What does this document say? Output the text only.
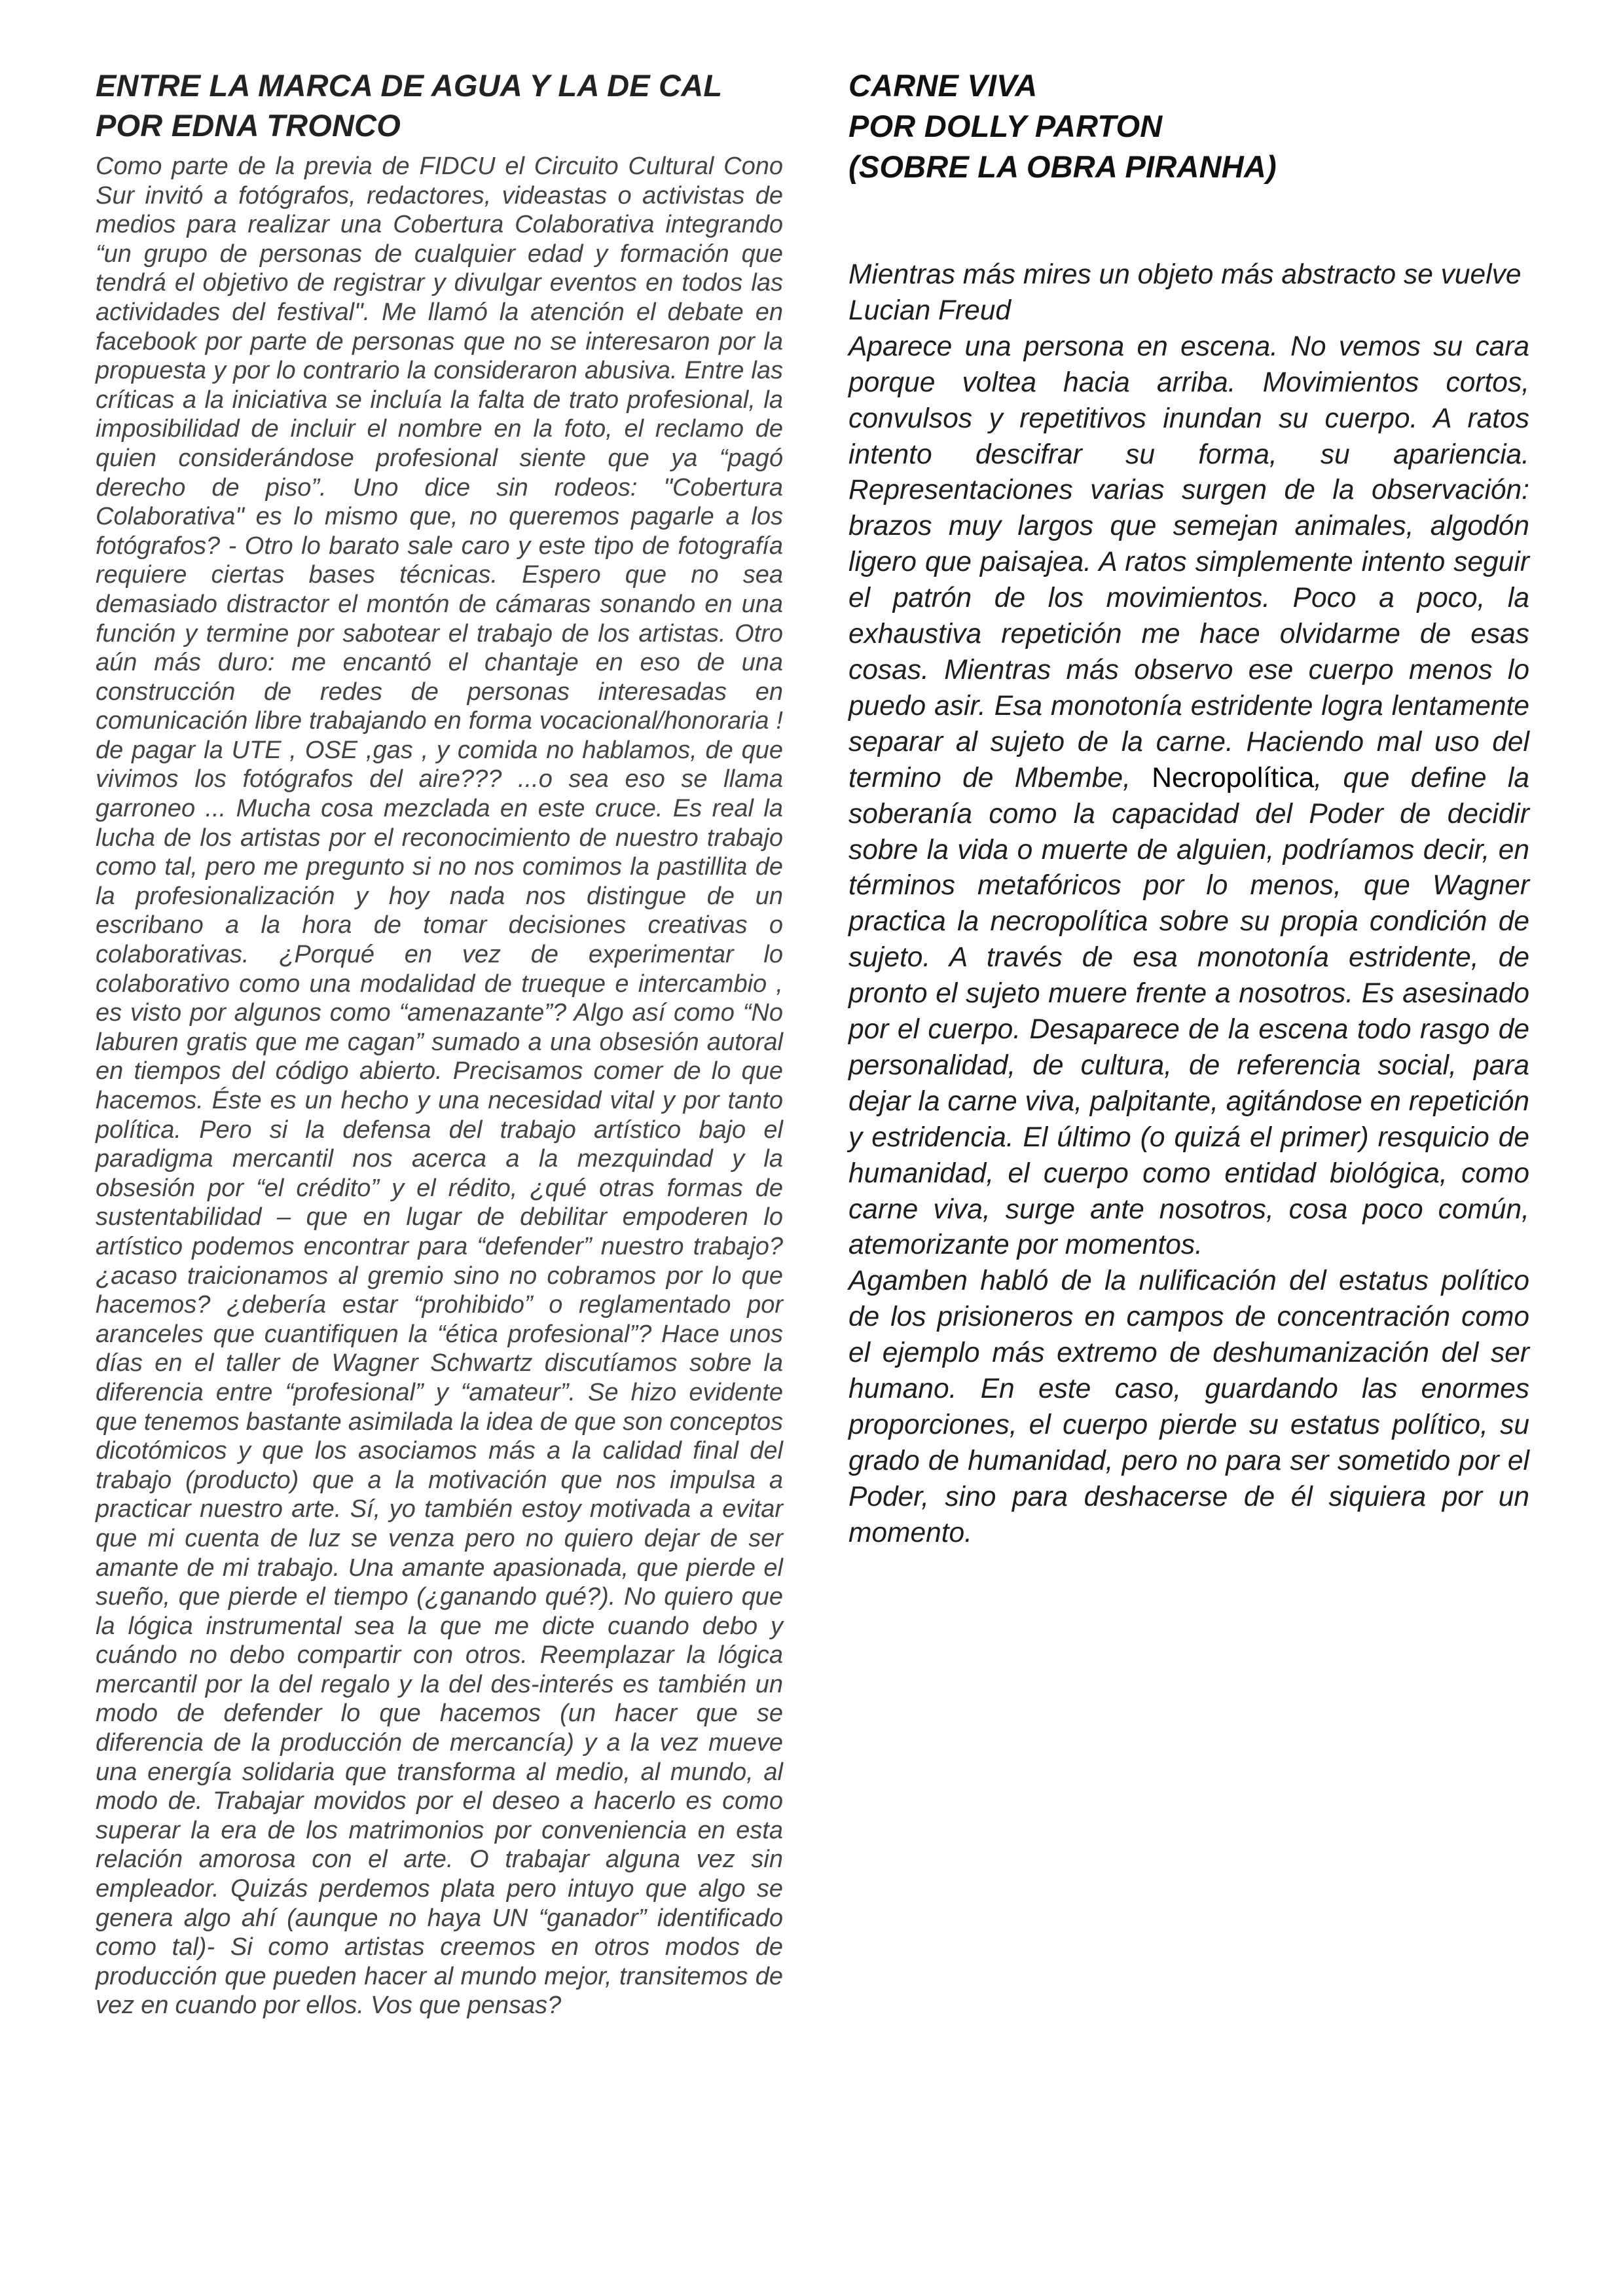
ENTRE LA MARCA DE AGUA Y LA DE CAL
POR EDNA TRONCO
Como parte de la previa de FIDCU el Circuito Cultural Cono Sur invitó a fotógrafos, redactores, videastas o activistas de medios para realizar una Cobertura Colaborativa integrando “un grupo de personas de cualquier edad y formación que tendrá el objetivo de registrar y divulgar eventos en todos las actividades del festival". Me llamó la atención el debate en facebook por parte de personas que no se interesaron por la propuesta y por lo contrario la consideraron abusiva. Entre las críticas a la iniciativa se incluía la falta de trato profesional, la imposibilidad de incluir el nombre en la foto, el reclamo de quien considerándose profesional siente que ya “pagó derecho de piso”. Uno dice sin rodeos: "Cobertura Colaborativa" es lo mismo que, no queremos pagarle a los fotógrafos? - Otro lo barato sale caro y este tipo de fotografía requiere ciertas bases técnicas. Espero que no sea demasiado distractor el montón de cámaras sonando en una función y termine por sabotear el trabajo de los artistas. Otro aún más duro: me encantó el chantaje en eso de una construcción de redes de personas interesadas en comunicación libre trabajando en forma vocacional/honoraria ! de pagar la UTE , OSE ,gas , y comida no hablamos, de que vivimos los fotógrafos del aire??? ...o sea eso se llama garroneo ... Mucha cosa mezclada en este cruce. Es real la lucha de los artistas por el reconocimiento de nuestro trabajo como tal, pero me pregunto si no nos comimos la pastillita de la profesionalización y hoy nada nos distingue de un escribano a la hora de tomar decisiones creativas o colaborativas. ¿Porqué en vez de experimentar lo colaborativo como una modalidad de trueque e intercambio , es visto por algunos como “amenazante”? Algo así como “No laburen gratis que me cagan” sumado a una obsesión autoral en tiempos del código abierto. Precisamos comer de lo que hacemos. Éste es un hecho y una necesidad vital y por tanto política. Pero si la defensa del trabajo artístico bajo el paradigma mercantil nos acerca a la mezquindad y la obsesión por “el crédito” y el rédito, ¿qué otras formas de sustentabilidad – que en lugar de debilitar empoderen lo artístico podemos encontrar para “defender” nuestro trabajo? ¿acaso traicionamos al gremio sino no cobramos por lo que hacemos? ¿debería estar “prohibido” o reglamentado por aranceles que cuantifiquen la “ética profesional”? Hace unos días en el taller de Wagner Schwartz discutíamos sobre la diferencia entre “profesional” y “amateur”. Se hizo evidente que tenemos bastante asimilada la idea de que son conceptos dicotómicos y que los asociamos más a la calidad final del trabajo (producto) que a la motivación que nos impulsa a practicar nuestro arte. Sí, yo también estoy motivada a evitar que mi cuenta de luz se venza pero no quiero dejar de ser amante de mi trabajo. Una amante apasionada, que pierde el sueño, que pierde el tiempo (¿ganando qué?). No quiero que la lógica instrumental sea la que me dicte cuando debo y cuándo no debo compartir con otros. Reemplazar la lógica mercantil por la del regalo y la del des-interés es también un modo de defender lo que hacemos (un hacer que se diferencia de la producción de mercancía) y a la vez mueve una energía solidaria que transforma al medio, al mundo, al modo de. Trabajar movidos por el deseo a hacerlo es como superar la era de los matrimonios por conveniencia en esta relación amorosa con el arte. O trabajar alguna vez sin empleador. Quizás perdemos plata pero intuyo que algo se genera algo ahí (aunque no haya UN “ganador” identificado como tal)- Si como artistas creemos en otros modos de producción que pueden hacer al mundo mejor, transitemos de vez en cuando por ellos. Vos que pensas?
CARNE VIVA
POR DOLLY PARTON
(SOBRE LA OBRA PIRANHA)

Mientras más mires un objeto más abstracto se vuelve

Lucian Freud

Aparece una persona en escena. No vemos su cara porque voltea hacia arriba. Movimientos cortos, convulsos y repetitivos inundan su cuerpo. A ratos intento descifrar su forma, su apariencia. Representaciones varias surgen de la observación: brazos muy largos que semejan animales, algodón ligero que paisajea. A ratos simplemente intento seguir el patrón de los movimientos. Poco a poco, la exhaustiva repetición me hace olvidarme de esas cosas. Mientras más observo ese cuerpo menos lo puedo asir. Esa monotonía estridente logra lentamente separar al sujeto de la carne. Haciendo mal uso del termino de Mbembe, Necropolítica, que define la soberanía como la capacidad del Poder de decidir sobre la vida o muerte de alguien, podríamos decir, en términos metafóricos por lo menos, que Wagner practica la necropolítica sobre su propia condición de sujeto. A través de esa monotonía estridente, de pronto el sujeto muere frente a nosotros. Es asesinado por el cuerpo. Desaparece de la escena todo rasgo de personalidad, de cultura, de referencia social, para dejar la carne viva, palpitante, agitándose en repetición y estridencia. El último (o quizá el primer) resquicio de humanidad, el cuerpo como entidad biológica, como carne viva, surge ante nosotros, cosa poco común, atemorizante por momentos.

Agamben habló de la nulificación del estatus político de los prisioneros en campos de concentración como el ejemplo más extremo de deshumanización del ser humano. En este caso, guardando las enormes proporciones, el cuerpo pierde su estatus político, su grado de humanidad, pero no para ser sometido por el Poder, sino para deshacerse de él siquiera por un momento.
